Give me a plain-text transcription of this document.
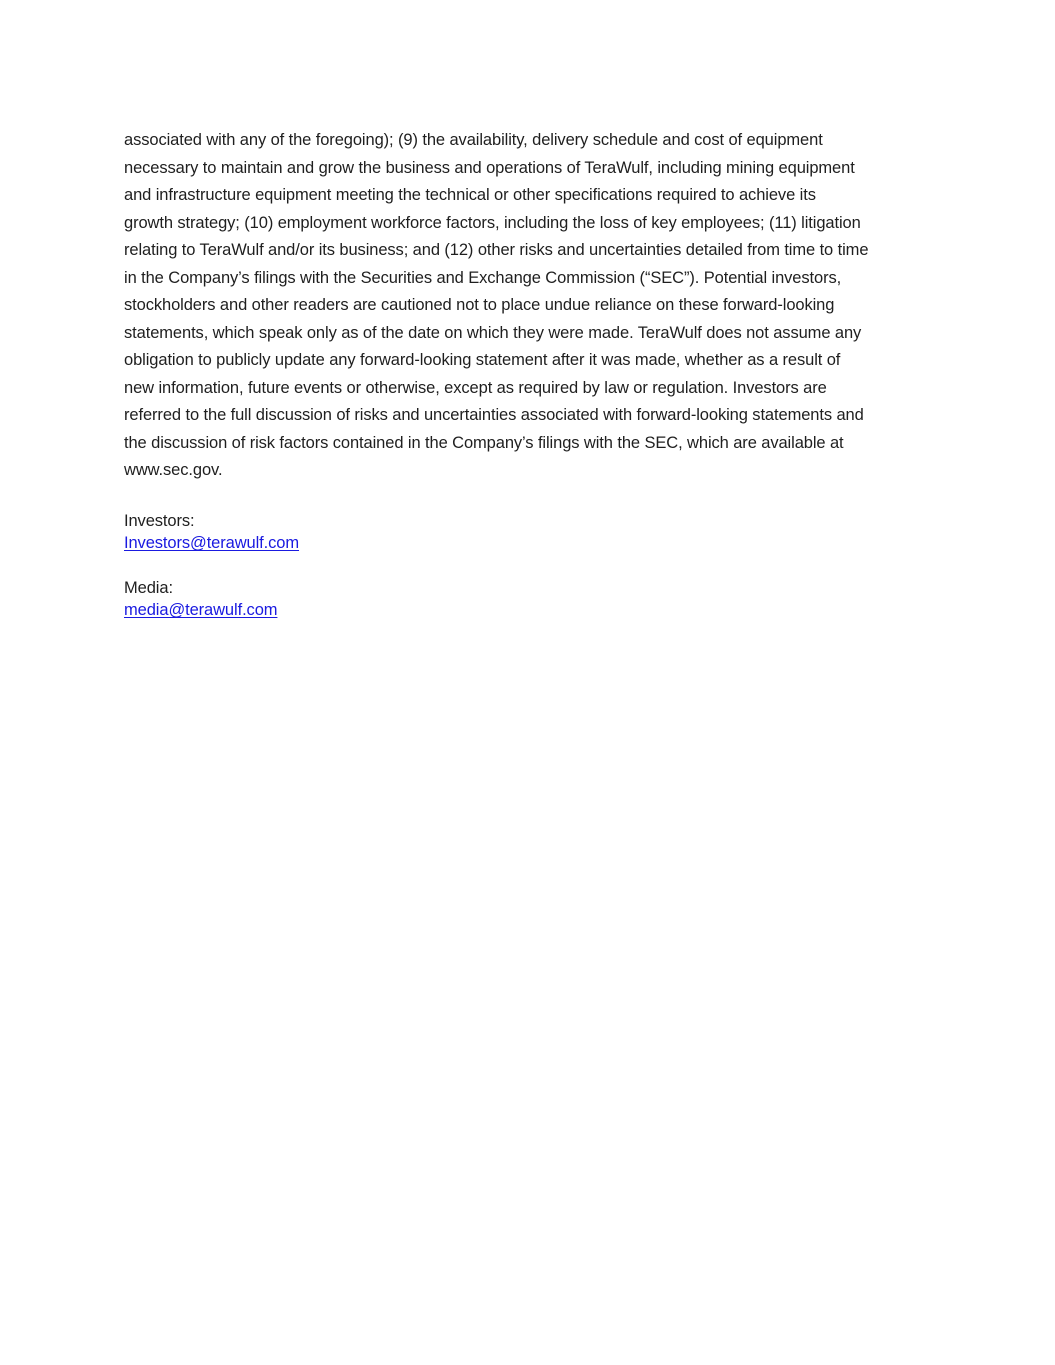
associated with any of the foregoing); (9) the availability, delivery schedule and cost of equipment
necessary to maintain and grow the business and operations of TeraWulf, including mining equipment
and infrastructure equipment meeting the technical or other specifications required to achieve its
growth strategy; (10) employment workforce factors, including the loss of key employees; (11) litigation
relating to TeraWulf and/or its business; and (12) other risks and uncertainties detailed from time to time
in the Company’s filings with the Securities and Exchange Commission (“SEC”). Potential investors,
stockholders and other readers are cautioned not to place undue reliance on these forward-looking
statements, which speak only as of the date on which they were made. TeraWulf does not assume any
obligation to publicly update any forward-looking statement after it was made, whether as a result of
new information, future events or otherwise, except as required by law or regulation. Investors are
referred to the full discussion of risks and uncertainties associated with forward-looking statements and
the discussion of risk factors contained in the Company’s filings with the SEC, which are available at
www.sec.gov.
Investors:
Investors@terawulf.com
Media:
media@terawulf.com
